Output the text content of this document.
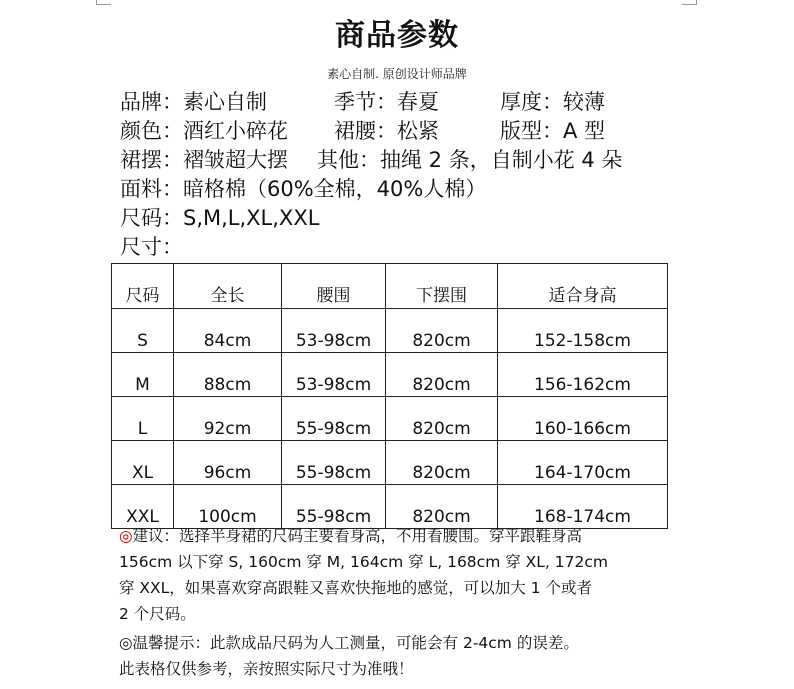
商品参数
素心自制. 原创设计师品牌
品牌：素心自制	季节：春夏	厚度：较薄
颜色：酒红小碎花 裙腰：松紧	版型：A 型
裙摆：褶皱超大摆 其他：抽绳 2 条，自制小花 4 朵
面料：暗格棉（60%全棉，40%人棉）
尺码：S,M,L,XL,XXL
尺寸：
尺码	全长	腰围	下摆围	适合身高
S	84cm	53-98cm	820cm	152-158cm
M	88cm	53-98cm	820cm	156-162cm
L	92cm	55-98cm	820cm	160-166cm
XL	96cm	55-98cm	820cm	164-170cm
XXL	100cm	55-98cm	820cm	168-174cm
◎建议：选择半身裙的尺码主要看身高，不用看腰围。穿平跟鞋身高
156cm 以下穿 S, 160cm 穿 M, 164cm 穿 L, 168cm 穿 XL, 172cm
穿 XXL，如果喜欢穿高跟鞋又喜欢快拖地的感觉，可以加大 1 个或者
2 个尺码。
◎温馨提示：此款成品尺码为人工测量，可能会有 2-4cm 的误差。
此表格仅供参考，亲按照实际尺寸为准哦！
